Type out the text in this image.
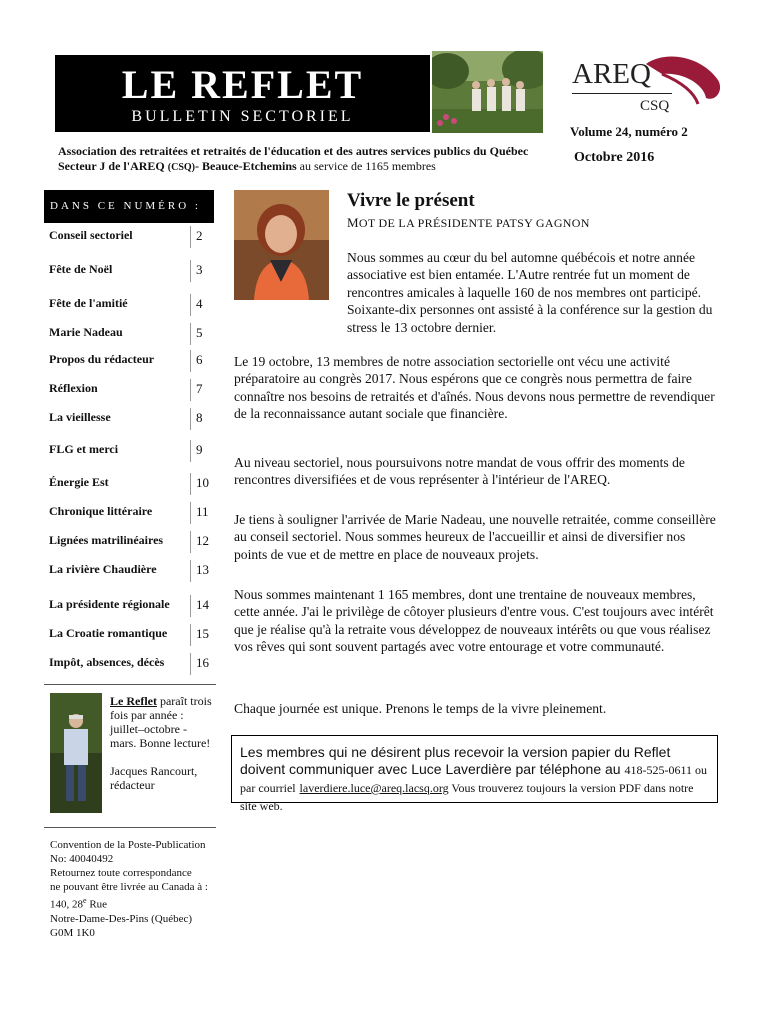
LE REFLET
BULLETIN SECTORIEL
AREQ
CSQ
Volume 24, numéro 2
Octobre 2016
Association des retraitées et retraités de l'éducation et des autres services publics du Québec
Secteur J de l'AREQ (CSQ)- Beauce-Etchemins au service de 1165 membres
DANS CE NUMÉRO :
Conseil sectoriel	2
Fête de Noël	3
Fête de l'amitié	4
Marie Nadeau	5
Propos du rédacteur	6
Réflexion	7
La vieillesse	8
FLG et merci	9
Énergie Est	10
Chronique littéraire	11
Lignées matrilinéaires	12
La rivière Chaudière	13
La présidente régionale 14
La Croatie romantique 15
Impôt, absences, décès 16
Le Reflet paraît trois fois par année : juillet–octobre - mars. Bonne lecture!
Jacques Rancourt, rédacteur
Convention de la Poste-Publication
No: 40040492
Retournez toute correspondance
ne pouvant être livrée au Canada à :
140, 28e Rue
Notre-Dame-Des-Pins (Québec)
G0M 1K0
Vivre le présent
MOT DE LA PRÉSIDENTE PATSY GAGNON
Nous sommes au cœur du bel automne québécois et notre année associative est bien entamée. L'Autre rentrée fut un moment de rencontres amicales à laquelle 160 de nos membres ont participé. Soixante-dix personnes ont assisté à la conférence sur la gestion du stress le 13 octobre dernier.
Le 19 octobre, 13 membres de notre association sectorielle ont vécu une activité préparatoire au congrès 2017. Nous espérons que ce congrès nous permettra de faire connaître nos besoins de retraités et d'aînés. Nous devons nous permettre de revendiquer de la reconnaissance autant sociale que financière.
Au niveau sectoriel, nous poursuivons notre mandat de vous offrir des moments de rencontres diversifiées et de vous représenter à l'intérieur de l'AREQ.
Je tiens à souligner l'arrivée de Marie Nadeau, une nouvelle retraitée, comme conseillère au conseil sectoriel. Nous sommes heureux de l'accueillir et ainsi de diversifier nos points de vue et de mettre en place de nouveaux projets.
Nous sommes maintenant 1 165 membres, dont une trentaine de nouveaux membres, cette année. J'ai le privilège de côtoyer plusieurs d'entre vous. C'est toujours avec intérêt que je réalise qu'à la retraite vous développez de nouveaux intérêts ou que vous réalisez vos rêves qui sont souvent partagés avec votre entourage et votre communauté.
Chaque journée est unique. Prenons le temps de la vivre pleinement.
Les membres qui ne désirent plus recevoir la version papier du Reflet doivent communiquer avec Luce Laverdière par téléphone au 418-525-0611 ou par courriel laverdiere.luce@areq.lacsq.org Vous trouverez toujours la version PDF dans notre site web.
